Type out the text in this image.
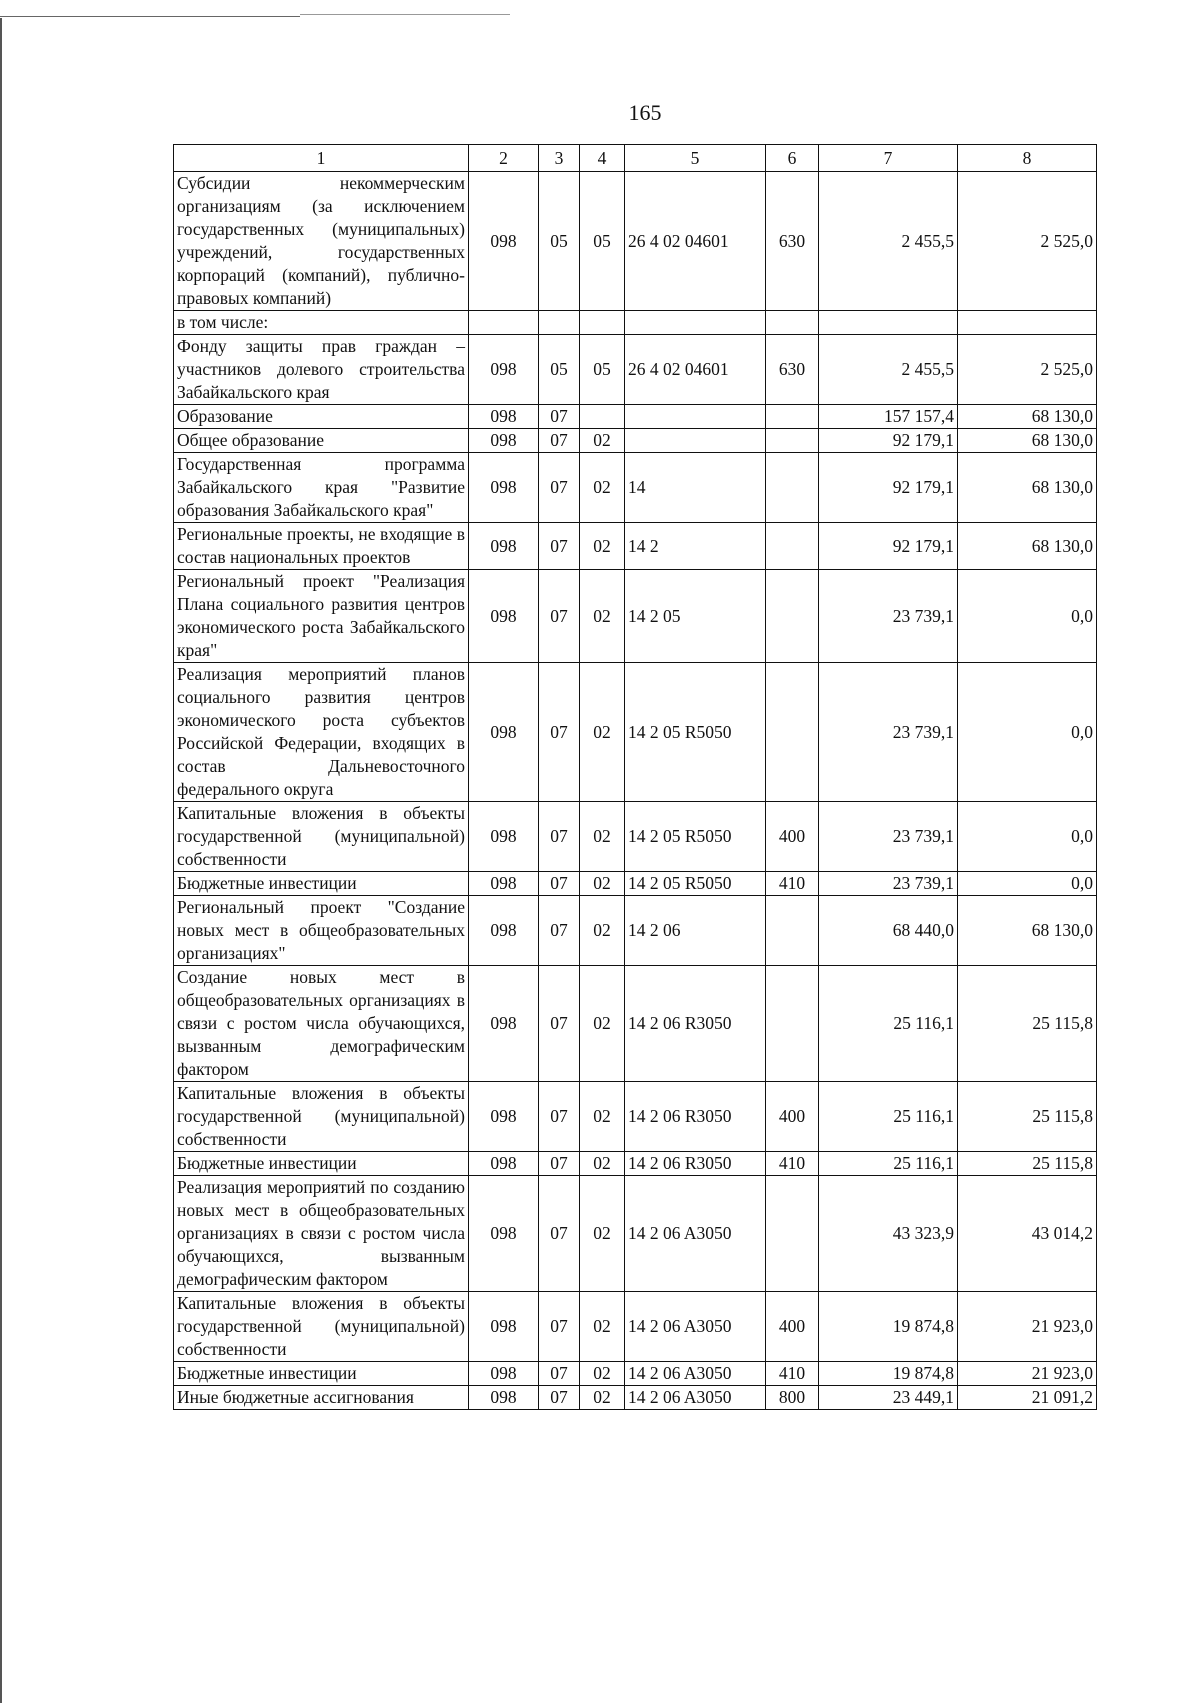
165
1	2	3	4	5	6	7	8
Субсидии некоммерческим организациям (за исключением государственных (муниципальных) учреждений, государственных корпораций (компаний), публично-правовых компаний)	098	05	05	26 4 02 04601	630	2 455,5	2 525,0
в том числе:							
Фонду защиты прав граждан – участников долевого строительства Забайкальского края	098	05	05	26 4 02 04601	630	2 455,5	2 525,0
Образование	098	07				157 157,4	68 130,0
Общее образование	098	07	02			92 179,1	68 130,0
Государственная программа Забайкальского края "Развитие образования Забайкальского края"	098	07	02	14		92 179,1	68 130,0
Региональные проекты, не входящие в состав национальных проектов	098	07	02	14 2		92 179,1	68 130,0
Региональный проект "Реализация Плана социального развития центров экономического роста Забайкальского края"	098	07	02	14 2 05		23 739,1	0,0
Реализация мероприятий планов социального развития центров экономического роста субъектов Российской Федерации, входящих в состав Дальневосточного федерального округа	098	07	02	14 2 05 R5050		23 739,1	0,0
Капитальные вложения в объекты государственной (муниципальной) собственности	098	07	02	14 2 05 R5050	400	23 739,1	0,0
Бюджетные инвестиции	098	07	02	14 2 05 R5050	410	23 739,1	0,0
Региональный проект "Создание новых мест в общеобразовательных организациях"	098	07	02	14 2 06		68 440,0	68 130,0
Создание новых мест в общеобразовательных организациях в связи с ростом числа обучающихся, вызванным демографическим фактором	098	07	02	14 2 06 R3050		25 116,1	25 115,8
Капитальные вложения в объекты государственной (муниципальной) собственности	098	07	02	14 2 06 R3050	400	25 116,1	25 115,8
Бюджетные инвестиции	098	07	02	14 2 06 R3050	410	25 116,1	25 115,8
Реализация мероприятий по созданию новых мест в общеобразовательных организациях в связи с ростом числа обучающихся, вызванным демографическим фактором	098	07	02	14 2 06 A3050		43 323,9	43 014,2
Капитальные вложения в объекты государственной (муниципальной) собственности	098	07	02	14 2 06 A3050	400	19 874,8	21 923,0
Бюджетные инвестиции	098	07	02	14 2 06 A3050	410	19 874,8	21 923,0
Иные бюджетные ассигнования	098	07	02	14 2 06 A3050	800	23 449,1	21 091,2
